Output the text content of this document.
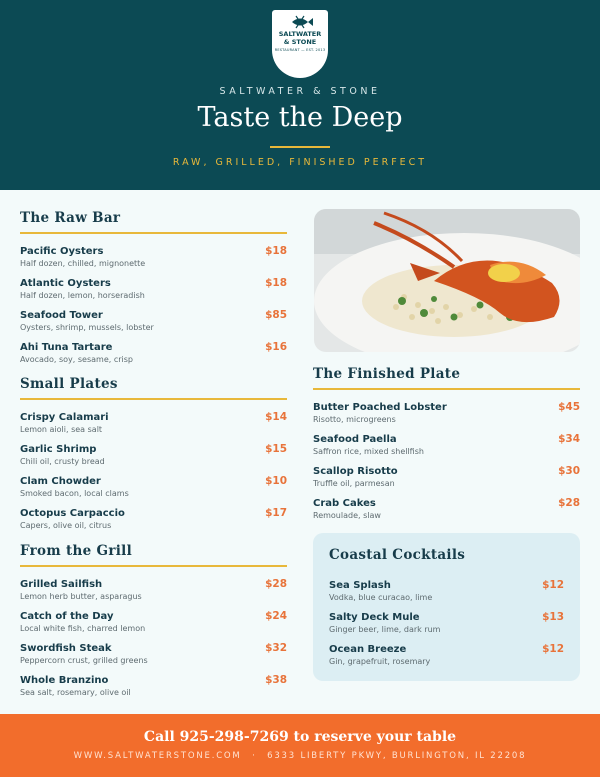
SALTWATER
& STONE
RESTAURANT — EST. 2013
SALTWATER & STONE
Taste the Deep
RAW, GRILLED, FINISHED PERFECT
The Raw Bar
Pacific Oysters
Half dozen, chilled, mignonette
$18
Atlantic Oysters
Half dozen, lemon, horseradish
$18
Seafood Tower
Oysters, shrimp, mussels, lobster
$85
Ahi Tuna Tartare
Avocado, soy, sesame, crisp
$16
Small Plates
Crispy Calamari
Lemon aioli, sea salt
$14
Garlic Shrimp
Chili oil, crusty bread
$15
Clam Chowder
Smoked bacon, local clams
$10
Octopus Carpaccio
Capers, olive oil, citrus
$17
From the Grill
Grilled Sailfish
Lemon herb butter, asparagus
$28
Catch of the Day
Local white fish, charred lemon
$24
Swordfish Steak
Peppercorn crust, grilled greens
$32
Whole Branzino
Sea salt, rosemary, olive oil
$38
The Finished Plate
Butter Poached Lobster
Risotto, microgreens
$45
Seafood Paella
Saffron rice, mixed shellfish
$34
Scallop Risotto
Truffle oil, parmesan
$30
Crab Cakes
Remoulade, slaw
$28
Coastal Cocktails
Sea Splash
Vodka, blue curacao, lime
$12
Salty Deck Mule
Ginger beer, lime, dark rum
$13
Ocean Breeze
Gin, grapefruit, rosemary
$12
Call 925-298-7269 to reserve your table
WWW.SALTWATERSTONE.COM · 6333 LIBERTY PKWY, BURLINGTON, IL 22208
